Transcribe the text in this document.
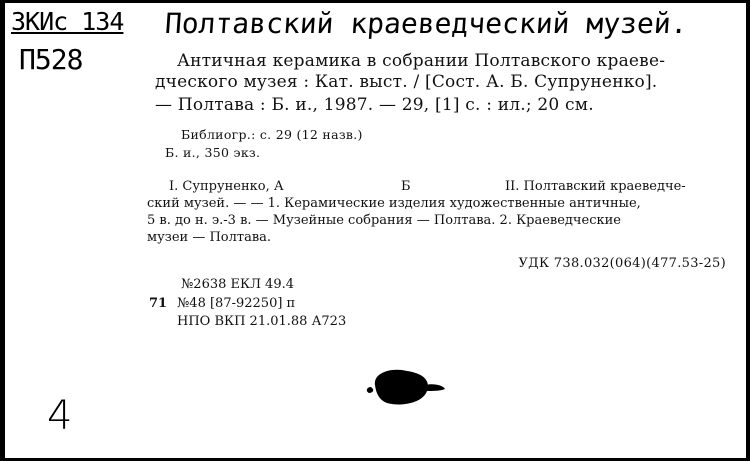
ЗКИс 134
П528
Полтавский краеведческий музей.
Античная керамика в собрании Полтавского краеве-
дческого музея : Кат. выст. / [Сост. А. Б. Супруненко].
— Полтава : Б. и., 1987. — 29, [1] с. : ил.; 20 см.
Библиогр.: с. 29 (12 назв.)
Б. и., 350 экз.
I. Супруненко, А	Б	II. Полтавский краеведче-
ский музей. — — 1. Керамические изделия художественные античные,
5 в. до н. э.-3 в. — Музейные собрания — Полтава. 2. Краеведческие
музеи — Полтава.
УДК 738.032(064)(477.53-25)
№2638 ЕКЛ 49.4
71 №48 [87-92250] п
НПО ВКП 21.01.88 А723
4
